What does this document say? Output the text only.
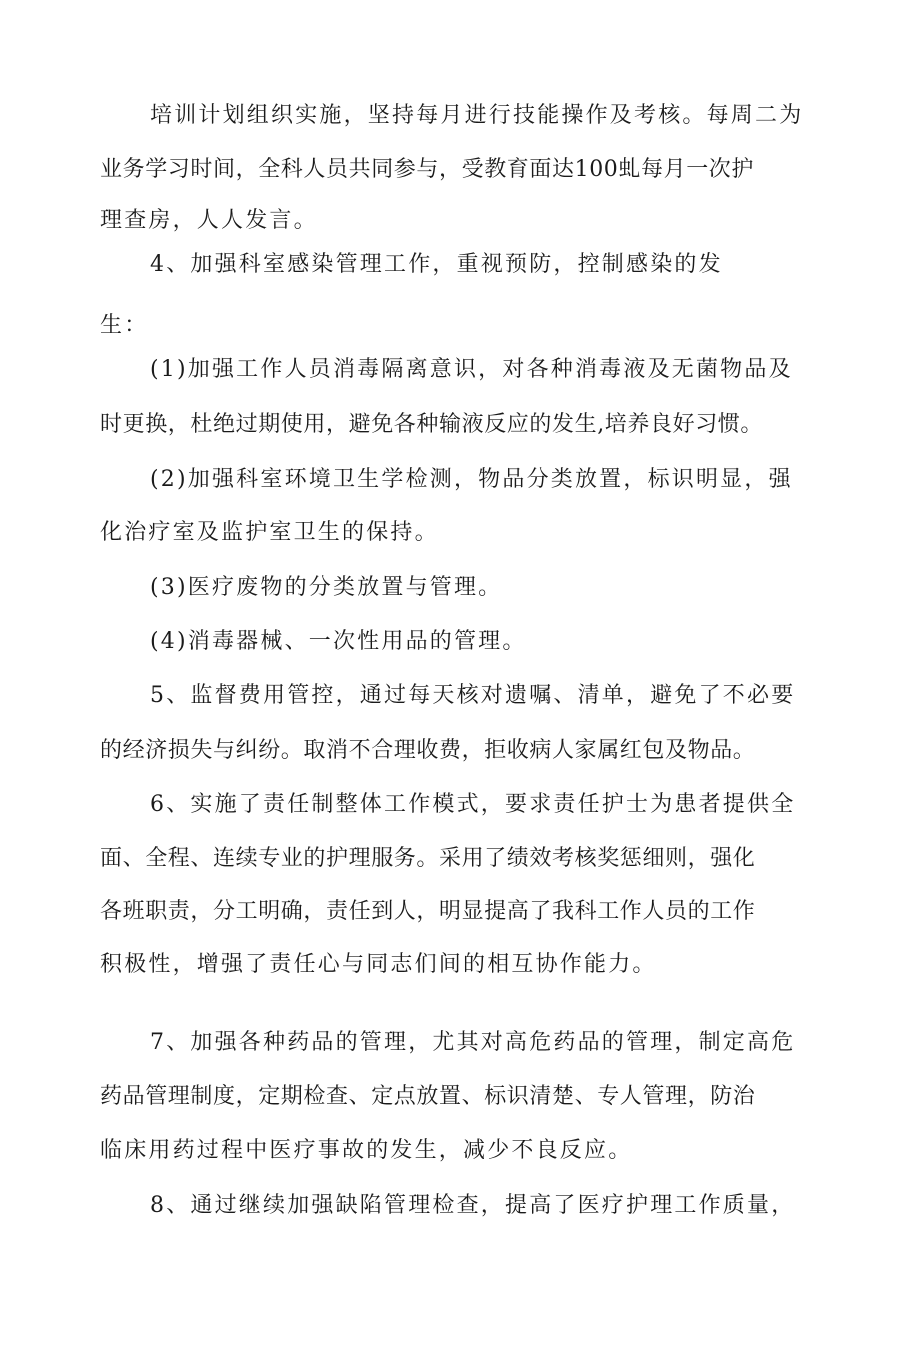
培训计划组织实施，坚持每月进行技能操作及考核。每周二为
业务学习时间，全科人员共同参与，受教育面达100虬每月一次护
理查房，人人发言。
4、加强科室感染管理工作，重视预防，控制感染的发
生：
(1)加强工作人员消毒隔离意识，对各种消毒液及无菌物品及
时更换，杜绝过期使用，避免各种输液反应的发生,培养良好习惯。
(2)加强科室环境卫生学检测，物品分类放置，标识明显，强
化治疗室及监护室卫生的保持。
(3)医疗废物的分类放置与管理。
(4)消毒器械、一次性用品的管理。
5、监督费用管控，通过每天核对遗嘱、清单，避免了不必要
的经济损失与纠纷。取消不合理收费，拒收病人家属红包及物品。
6、实施了责任制整体工作模式，要求责任护士为患者提供全
面、全程、连续专业的护理服务。采用了绩效考核奖惩细则，强化
各班职责，分工明确，责任到人，明显提高了我科工作人员的工作
积极性，增强了责任心与同志们间的相互协作能力。
7、加强各种药品的管理，尤其对高危药品的管理，制定高危
药品管理制度，定期检查、定点放置、标识清楚、专人管理，防治
临床用药过程中医疗事故的发生，减少不良反应。
8、通过继续加强缺陷管理检查，提高了医疗护理工作质量，
